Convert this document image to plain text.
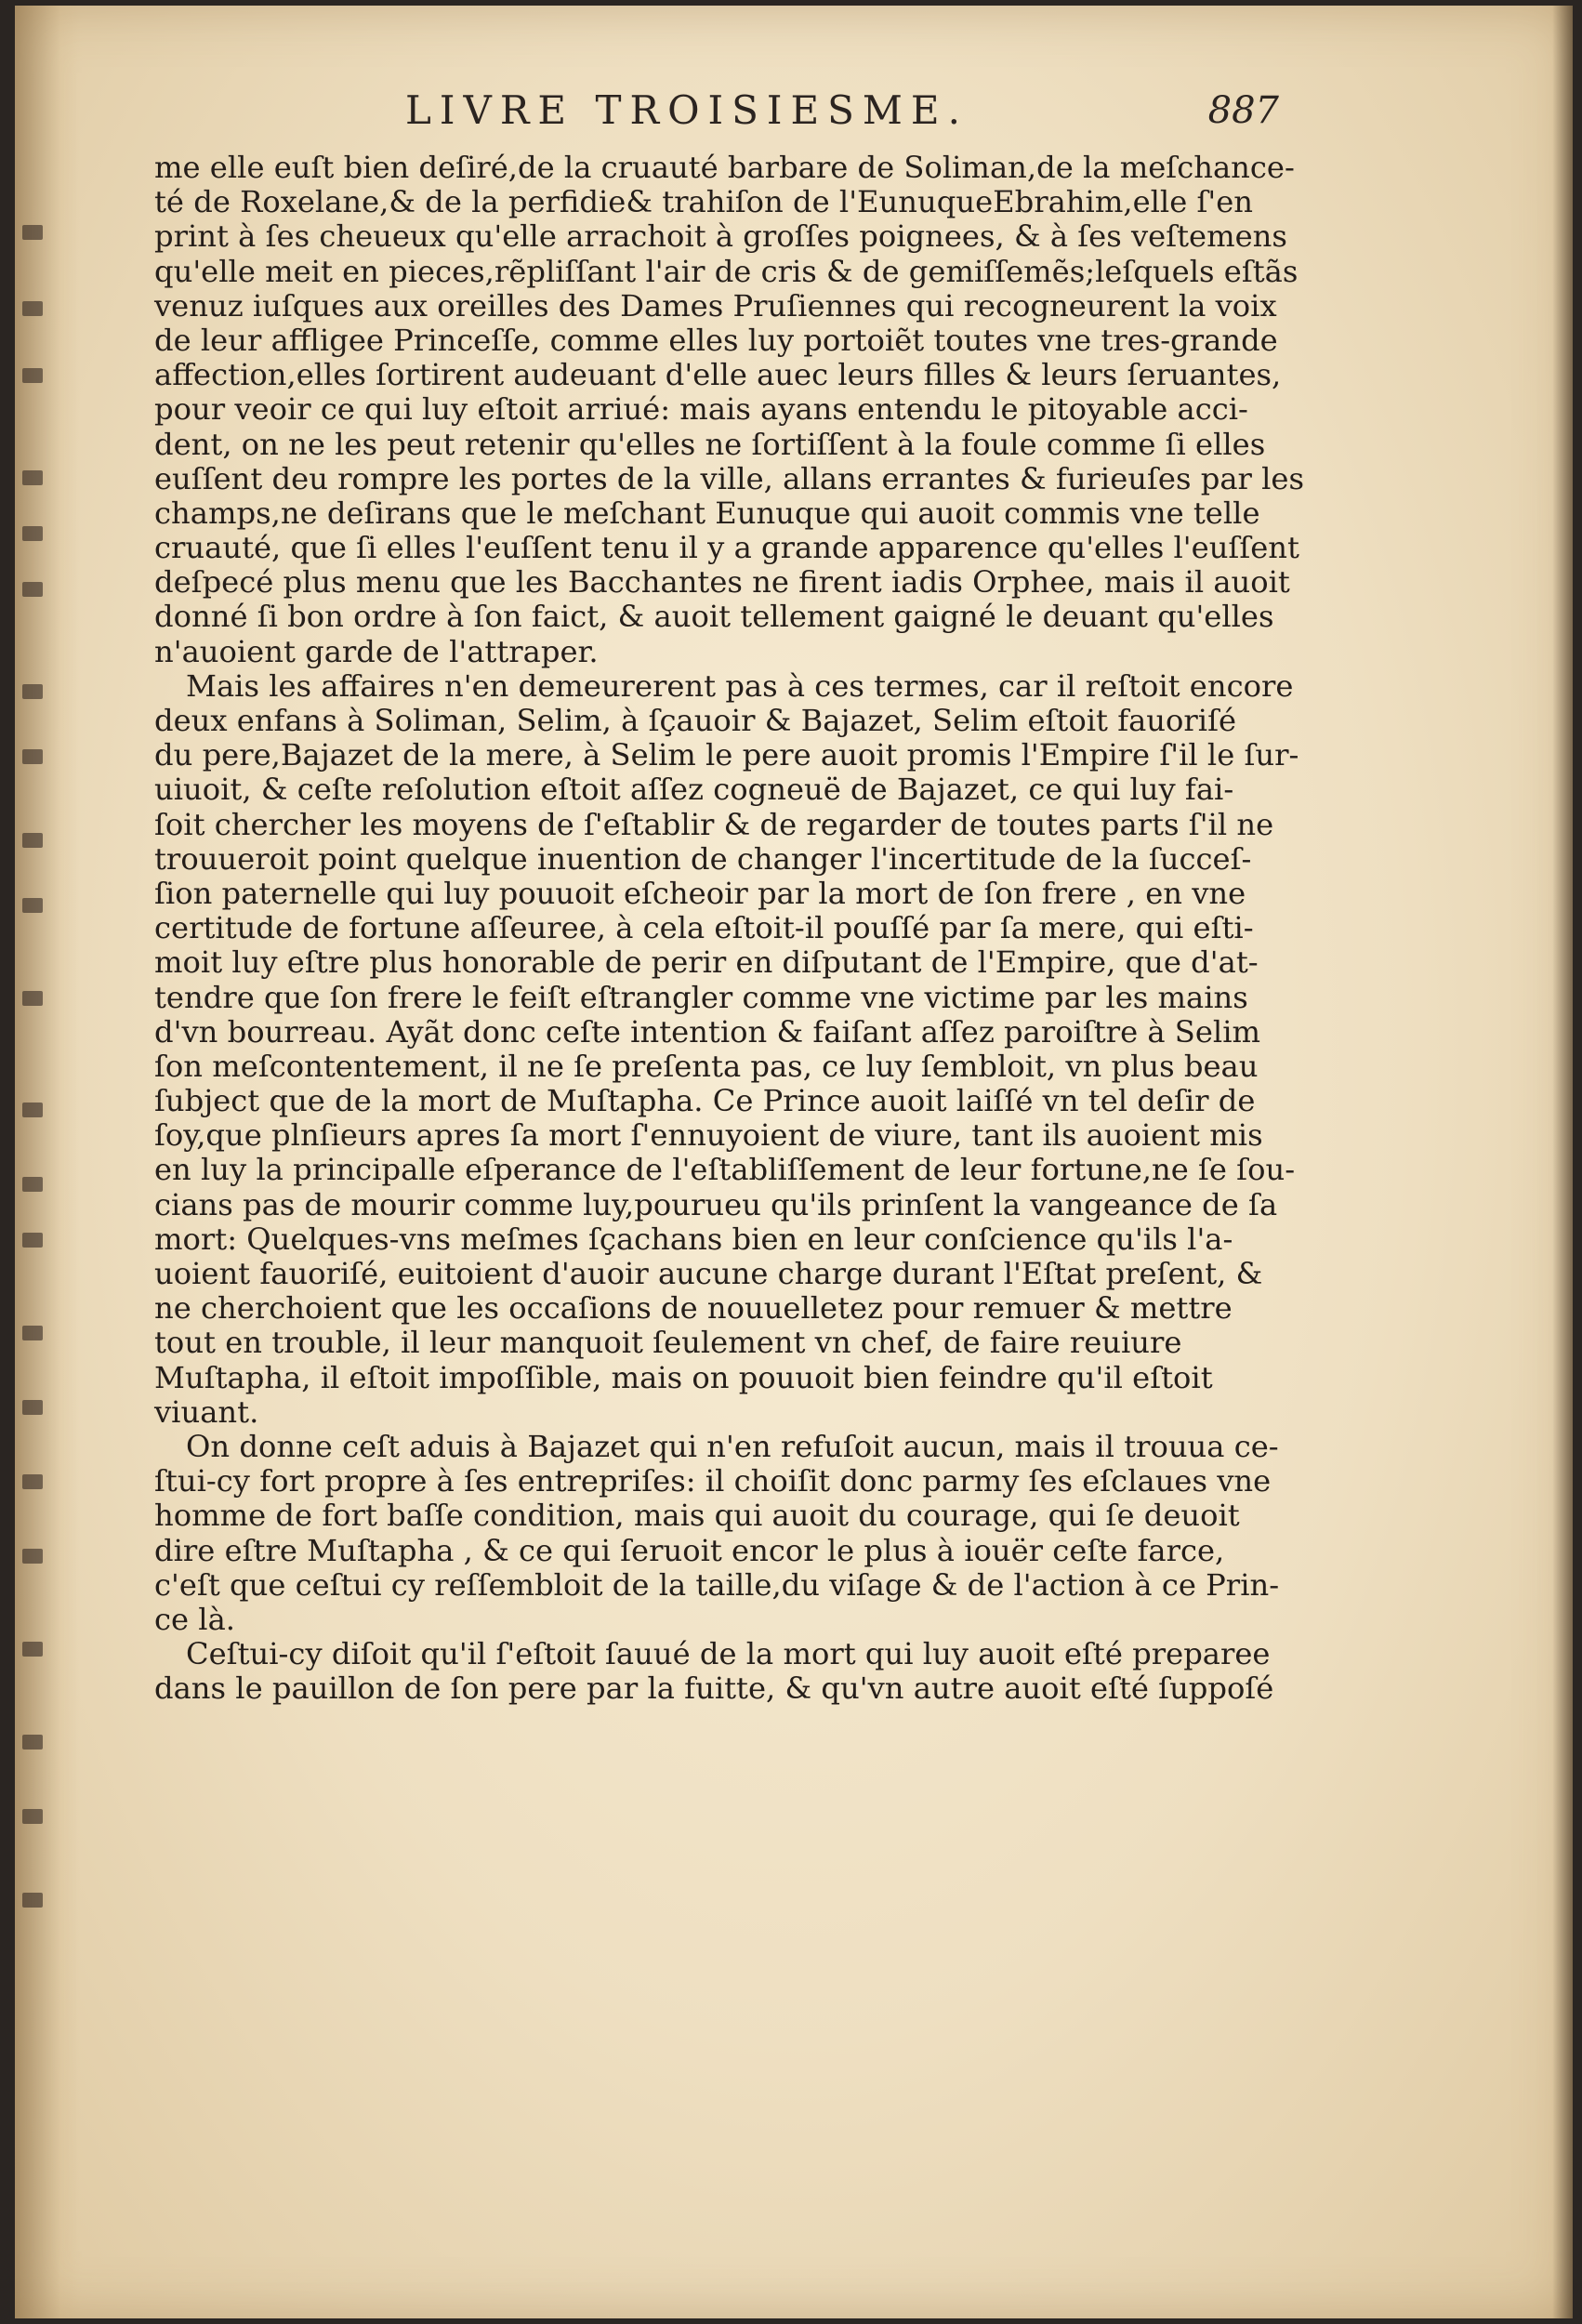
LIVRE TROISIESME.	887
me elle euſt bien deſiré,de la cruauté barbare de Soliman,de la meſchance-
té de Roxelane,& de la perfidie& trahiſon de l'EunuqueEbrahim,elle ſ'en
print à ſes cheueux qu'elle arrachoit à groſſes poignees, & à ſes veſtemens
qu'elle meit en pieces,rẽpliſſant l'air de cris & de gemiſſemẽs;leſquels eſtãs
venuz iuſques aux oreilles des Dames Pruſiennes qui recogneurent la voix
de leur affligee Princeſſe, comme elles luy portoiẽt toutes vne tres-grande
affection,elles ſortirent audeuant d'elle auec leurs filles & leurs ſeruantes,
pour veoir ce qui luy eſtoit arriué: mais ayans entendu le pitoyable acci-
dent, on ne les peut retenir qu'elles ne ſortiſſent à la foule comme ſi elles
euſſent deu rompre les portes de la ville, allans errantes & furieuſes par les
champs,ne deſirans que le meſchant Eunuque qui auoit commis vne telle
cruauté, que ſi elles l'euſſent tenu il y a grande apparence qu'elles l'euſſent
deſpecé plus menu que les Bacchantes ne firent iadis Orphee, mais il auoit
donné ſi bon ordre à ſon faict, & auoit tellement gaigné le deuant qu'elles
n'auoient garde de l'attraper.
Mais les affaires n'en demeurerent pas à ces termes, car il reſtoit encore
deux enfans à Soliman, Selim, à ſçauoir & Bajazet, Selim eſtoit fauoriſé
du pere,Bajazet de la mere, à Selim le pere auoit promis l'Empire ſ'il le ſur-
uiuoit, & ceſte reſolution eſtoit aſſez cogneuë de Bajazet, ce qui luy fai-
ſoit chercher les moyens de ſ'eſtablir & de regarder de toutes parts ſ'il ne
trouueroit point quelque inuention de changer l'incertitude de la ſucceſ-
ſion paternelle qui luy pouuoit eſcheoir par la mort de ſon frere , en vne
certitude de fortune aſſeuree, à cela eſtoit-il pouſſé par ſa mere, qui eſti-
moit luy eſtre plus honorable de perir en diſputant de l'Empire, que d'at-
tendre que ſon frere le feiſt eſtrangler comme vne victime par les mains
d'vn bourreau. Ayãt donc ceſte intention & faiſant aſſez paroiſtre à Selim
ſon meſcontentement, il ne ſe preſenta pas, ce luy ſembloit, vn plus beau
ſubject que de la mort de Muſtapha. Ce Prince auoit laiſſé vn tel deſir de
ſoy,que plnſieurs apres ſa mort ſ'ennuyoient de viure, tant ils auoient mis
en luy la principalle eſperance de l'eſtabliſſement de leur fortune,ne ſe ſou-
cians pas de mourir comme luy,pourueu qu'ils prinſent la vangeance de ſa
mort: Quelques-vns meſmes ſçachans bien en leur conſcience qu'ils l'a-
uoient fauoriſé, euitoient d'auoir aucune charge durant l'Eſtat preſent, &
ne cherchoient que les occaſions de nouuelletez pour remuer & mettre
tout en trouble, il leur manquoit ſeulement vn chef, de faire reuiure
Muſtapha, il eſtoit impoſſible, mais on pouuoit bien feindre qu'il eſtoit
viuant.
On donne ceſt aduis à Bajazet qui n'en refuſoit aucun, mais il trouua ce-
ſtui-cy fort propre à ſes entrepriſes: il choiſit donc parmy ſes eſclaues vne
homme de fort baſſe condition, mais qui auoit du courage, qui ſe deuoit
dire eſtre Muſtapha , & ce qui ſeruoit encor le plus à iouër ceſte farce,
c'eſt que ceſtui cy reſſembloit de la taille,du viſage & de l'action à ce Prin-
ce là.
Ceſtui-cy diſoit qu'il ſ'eſtoit ſauué de la mort qui luy auoit eſté preparee
dans le pauillon de ſon pere par la fuitte, & qu'vn autre auoit eſté ſuppoſé
